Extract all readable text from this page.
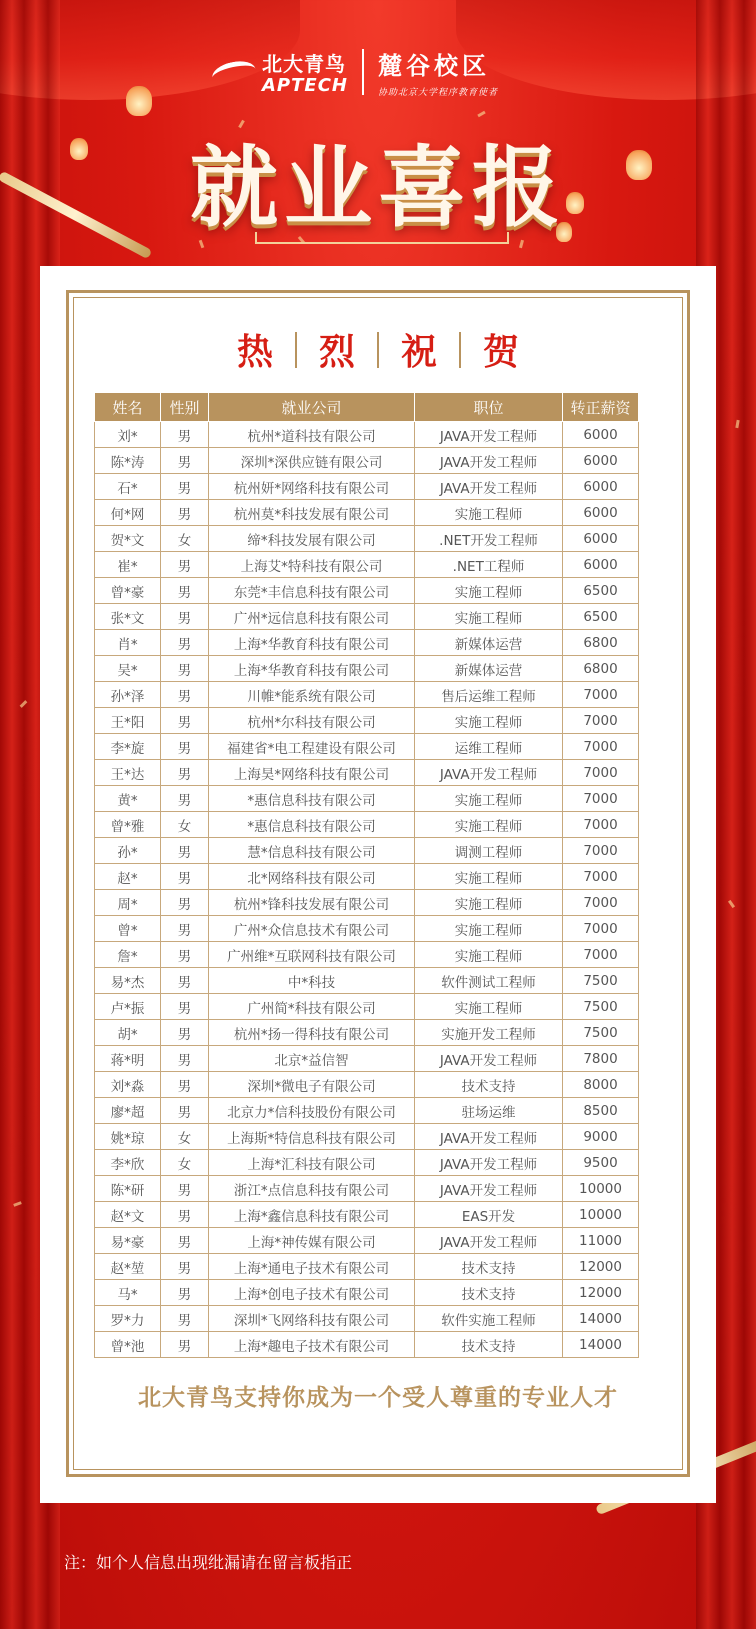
北大青鸟
APTECH
麓谷校区
协助北京大学程序教育使者
就业喜报
热	烈	祝	贺
姓名	性别	就业公司	职位	转正薪资
刘*	男	杭州*道科技有限公司	JAVA开发工程师	6000
陈*涛	男	深圳*深供应链有限公司	JAVA开发工程师	6000
石*	男	杭州妍*网络科技有限公司	JAVA开发工程师	6000
何*网	男	杭州莫*科技发展有限公司	实施工程师	6000
贺*文	女	缔*科技发展有限公司	.NET开发工程师	6000
崔*	男	上海艾*特科技有限公司	.NET工程师	6000
曾*豪	男	东莞*丰信息科技有限公司	实施工程师	6500
张*文	男	广州*远信息科技有限公司	实施工程师	6500
肖*	男	上海*华教育科技有限公司	新媒体运营	6800
吴*	男	上海*华教育科技有限公司	新媒体运营	6800
孙*泽	男	川帷*能系统有限公司	售后运维工程师	7000
王*阳	男	杭州*尔科技有限公司	实施工程师	7000
李*旋	男	福建省*电工程建设有限公司	运维工程师	7000
王*达	男	上海昊*网络科技有限公司	JAVA开发工程师	7000
黄*	男	*惠信息科技有限公司	实施工程师	7000
曾*雅	女	*惠信息科技有限公司	实施工程师	7000
孙*	男	慧*信息科技有限公司	调测工程师	7000
赵*	男	北*网络科技有限公司	实施工程师	7000
周*	男	杭州*锋科技发展有限公司	实施工程师	7000
曾*	男	广州*众信息技术有限公司	实施工程师	7000
詹*	男	广州维*互联网科技有限公司	实施工程师	7000
易*杰	男	中*科技	软件测试工程师	7500
卢*振	男	广州简*科技有限公司	实施工程师	7500
胡*	男	杭州*扬一得科技有限公司	实施开发工程师	7500
蒋*明	男	北京*益信智	JAVA开发工程师	7800
刘*淼	男	深圳*微电子有限公司	技术支持	8000
廖*超	男	北京力*信科技股份有限公司	驻场运维	8500
姚*琼	女	上海斯*特信息科技有限公司	JAVA开发工程师	9000
李*欣	女	上海*汇科技有限公司	JAVA开发工程师	9500
陈*研	男	浙江*点信息科技有限公司	JAVA开发工程师	10000
赵*文	男	上海*鑫信息科技有限公司	EAS开发	10000
易*豪	男	上海*神传媒有限公司	JAVA开发工程师	11000
赵*堃	男	上海*通电子技术有限公司	技术支持	12000
马*	男	上海*创电子技术有限公司	技术支持	12000
罗*力	男	深圳*飞网络科技有限公司	软件实施工程师	14000
曾*池	男	上海*趣电子技术有限公司	技术支持	14000
北大青鸟支持你成为一个受人尊重的专业人才
注：如个人信息出现纰漏请在留言板指正
